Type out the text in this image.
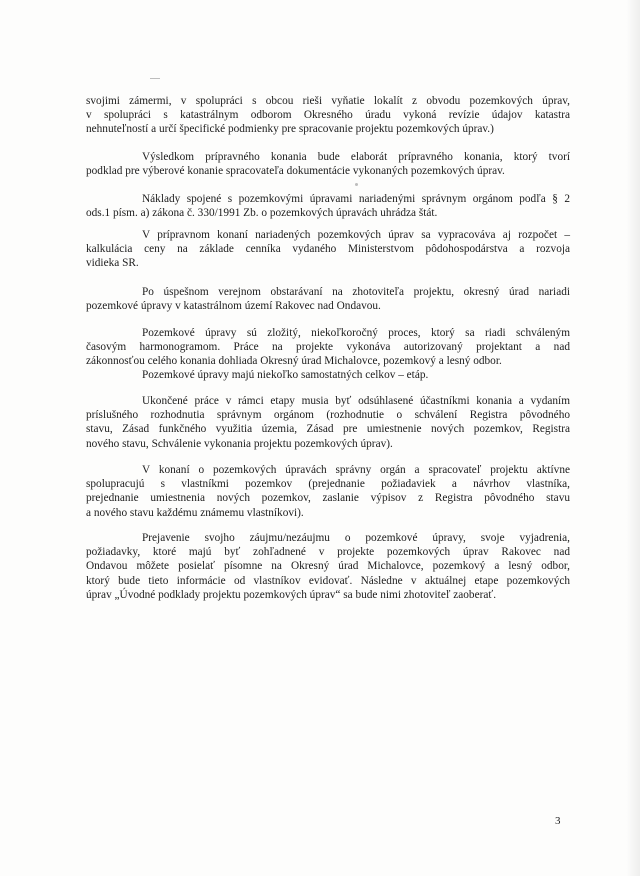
svojimi zámermi, v spolupráci s obcou rieši vyňatie lokalít z obvodu pozemkových úprav,
v spolupráci s katastrálnym odborom Okresného úradu vykoná revízie údajov katastra
nehnuteľností a určí špecifické podmienky pre spracovanie projektu pozemkových úprav.)
Výsledkom prípravného konania bude elaborát prípravného konania, ktorý tvorí
podklad pre výberové konanie spracovateľa dokumentácie vykonaných pozemkových úprav.
Náklady spojené s pozemkovými úpravami nariadenými správnym orgánom podľa § 2
ods.1 písm. a) zákona č. 330/1991 Zb. o pozemkových úpravách uhrádza štát.
V prípravnom konaní nariadených pozemkových úprav sa vypracováva aj rozpočet –
kalkulácia ceny na základe cenníka vydaného Ministerstvom pôdohospodárstva a rozvoja
vidieka SR.
Po úspešnom verejnom obstarávaní na zhotoviteľa projektu, okresný úrad nariadi
pozemkové úpravy v katastrálnom území Rakovec nad Ondavou.
Pozemkové úpravy sú zložitý, niekoľkoročný proces, ktorý sa riadi schváleným
časovým harmonogramom. Práce na projekte vykonáva autorizovaný projektant a nad
zákonnosťou celého konania dohliada Okresný úrad Michalovce, pozemkový a lesný odbor.
Pozemkové úpravy majú niekoľko samostatných celkov – etáp.
Ukončené práce v rámci etapy musia byť odsúhlasené účastníkmi konania a vydaním
príslušného rozhodnutia správnym orgánom (rozhodnutie o schválení Registra pôvodného
stavu, Zásad funkčného využitia územia, Zásad pre umiestnenie nových pozemkov, Registra
nového stavu, Schválenie vykonania projektu pozemkových úprav).
V konaní o pozemkových úpravách správny orgán a spracovateľ projektu aktívne
spolupracujú s vlastníkmi pozemkov (prejednanie požiadaviek a návrhov vlastníka,
prejednanie umiestnenia nových pozemkov, zaslanie výpisov z Registra pôvodného stavu
a nového stavu každému známemu vlastníkovi).
Prejavenie svojho záujmu/nezáujmu o pozemkové úpravy, svoje vyjadrenia,
požiadavky, ktoré majú byť zohľadnené v projekte pozemkových úprav Rakovec nad
Ondavou môžete posielať písomne na Okresný úrad Michalovce, pozemkový a lesný odbor,
ktorý bude tieto informácie od vlastníkov evidovať. Následne v aktuálnej etape pozemkových
úprav „Úvodné podklady projektu pozemkových úprav“ sa bude nimi zhotoviteľ zaoberať.
3
